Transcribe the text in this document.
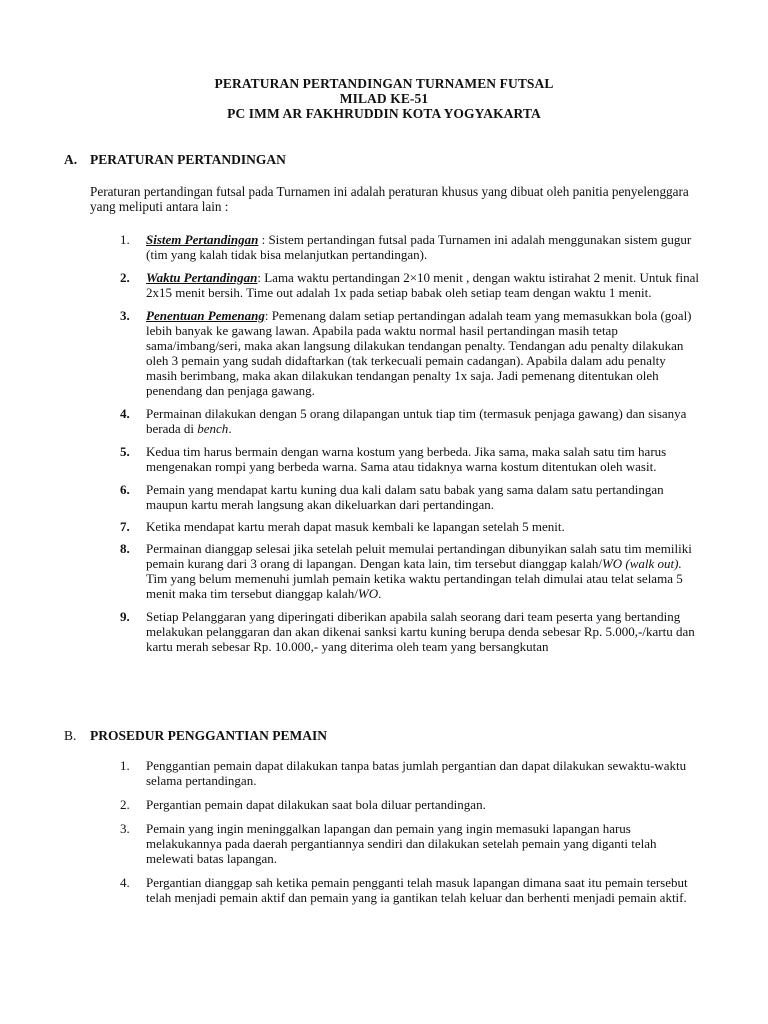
PERATURAN PERTANDINGAN TURNAMEN FUTSAL
MILAD KE-51
PC IMM AR FAKHRUDDIN KOTA YOGYAKARTA
A. PERATURAN PERTANDINGAN
Peraturan pertandingan futsal pada Turnamen ini adalah peraturan khusus yang dibuat oleh panitia penyelenggara yang meliputi antara lain :
1.	Sistem Pertandingan : Sistem pertandingan futsal pada Turnamen ini adalah menggunakan sistem gugur (tim yang kalah tidak bisa melanjutkan pertandingan).
2.	Waktu Pertandingan: Lama waktu pertandingan 2×10 menit , dengan waktu istirahat 2 menit. Untuk final 2x15 menit bersih. Time out adalah 1x pada setiap babak oleh setiap team dengan waktu 1 menit.
3.	Penentuan Pemenang: Pemenang dalam setiap pertandingan adalah team yang memasukkan bola (goal) lebih banyak ke gawang lawan. Apabila pada waktu normal hasil pertandingan masih tetap sama/imbang/seri, maka akan langsung dilakukan tendangan penalty. Tendangan adu penalty dilakukan oleh 3 pemain yang sudah didaftarkan (tak terkecuali pemain cadangan). Apabila dalam adu penalty masih berimbang, maka akan dilakukan tendangan penalty 1x saja. Jadi pemenang ditentukan oleh penendang dan penjaga gawang.
4.	Permainan dilakukan dengan 5 orang dilapangan untuk tiap tim (termasuk penjaga gawang) dan sisanya berada di bench.
5.	Kedua tim harus bermain dengan warna kostum yang berbeda. Jika sama, maka salah satu tim harus mengenakan rompi yang berbeda warna. Sama atau tidaknya warna kostum ditentukan oleh wasit.
6.	Pemain yang mendapat kartu kuning dua kali dalam satu babak yang sama dalam satu pertandingan maupun kartu merah langsung akan dikeluarkan dari pertandingan.
7.	Ketika mendapat kartu merah dapat masuk kembali ke lapangan setelah 5 menit.
8.	Permainan dianggap selesai jika setelah peluit memulai pertandingan dibunyikan salah satu tim memiliki pemain kurang dari 3 orang di lapangan. Dengan kata lain, tim tersebut dianggap kalah/WO (walk out). Tim yang belum memenuhi jumlah pemain ketika waktu pertandingan telah dimulai atau telat selama 5 menit maka tim tersebut dianggap kalah/WO.
9.	Setiap Pelanggaran yang diperingati diberikan apabila salah seorang dari team peserta yang bertanding melakukan pelanggaran dan akan dikenai sanksi kartu kuning berupa denda sebesar Rp. 5.000,-/kartu dan kartu merah sebesar Rp. 10.000,- yang diterima oleh team yang bersangkutan
B. PROSEDUR PENGGANTIAN PEMAIN
1.	Penggantian pemain dapat dilakukan tanpa batas jumlah pergantian dan dapat dilakukan sewaktu-waktu selama pertandingan.
2.	Pergantian pemain dapat dilakukan saat bola diluar pertandingan.
3.	Pemain yang ingin meninggalkan lapangan dan pemain yang ingin memasuki lapangan harus melakukannya pada daerah pergantiannya sendiri dan dilakukan setelah pemain yang diganti telah melewati batas lapangan.
4.	Pergantian dianggap sah ketika pemain pengganti telah masuk lapangan dimana saat itu pemain tersebut telah menjadi pemain aktif dan pemain yang ia gantikan telah keluar dan berhenti menjadi pemain aktif.
